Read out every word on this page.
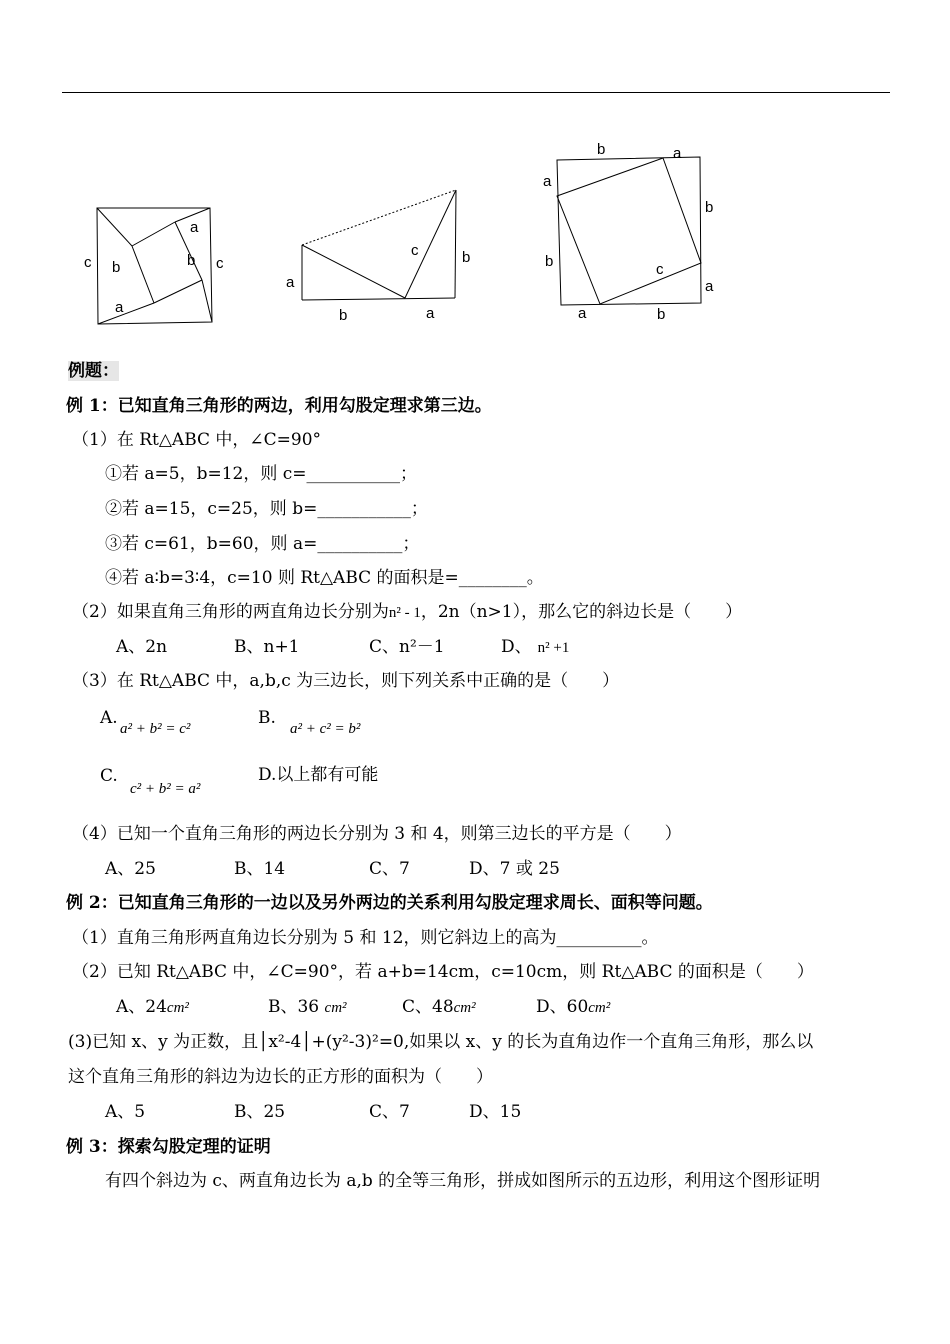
c b
a
b c
a
c	b
a
b	a
b	a
a
b
b	c
a
a	b
例题：
例 1：已知直角三角形的两边，利用勾股定理求第三边。
（1）在 Rt△ABC 中，∠C=90°
①若 a=5，b=12，则 c=___________；
②若 a=15，c=25，则 b=___________；
③若 c=61，b=60，则 a=__________；
④若 a∶b=3∶4，c=10 则 Rt△ABC 的面积是=________。
（2）如果直角三角形的两直角边长分别为n² - 1，2n（n>1），那么它的斜边长是（　　）
A、2n	B、n+1	C、n²－1	D、 n² +1
（3）在 Rt△ABC 中，a,b,c 为三边长，则下列关系中正确的是（　　）
A.
a² + b² = c²
B.
a² + c² = b²
C.
c² + b² = a²
D.以上都有可能
（4）已知一个直角三角形的两边长分别为 3 和 4，则第三边长的平方是（　　）
A、25	B、14	C、7	D、7 或 25
例 2：已知直角三角形的一边以及另外两边的关系利用勾股定理求周长、面积等问题。
（1）直角三角形两直角边长分别为 5 和 12，则它斜边上的高为__________。
（2）已知 Rt△ABC 中，∠C=90°，若 a+b=14cm，c=10cm，则 Rt△ABC 的面积是（　　）
A、24cm²	B、36 cm²	C、48cm²	D、60cm²
(3)已知 x、y 为正数，且│x²-4│+(y²-3)²=0,如果以 x、y 的长为直角边作一个直角三角形，那么以
这个直角三角形的斜边为边长的正方形的面积为（　　）
A、5	B、25	C、7	D、15
例 3：探索勾股定理的证明
有四个斜边为 c、两直角边长为 a,b 的全等三角形，拼成如图所示的五边形，利用这个图形证明
